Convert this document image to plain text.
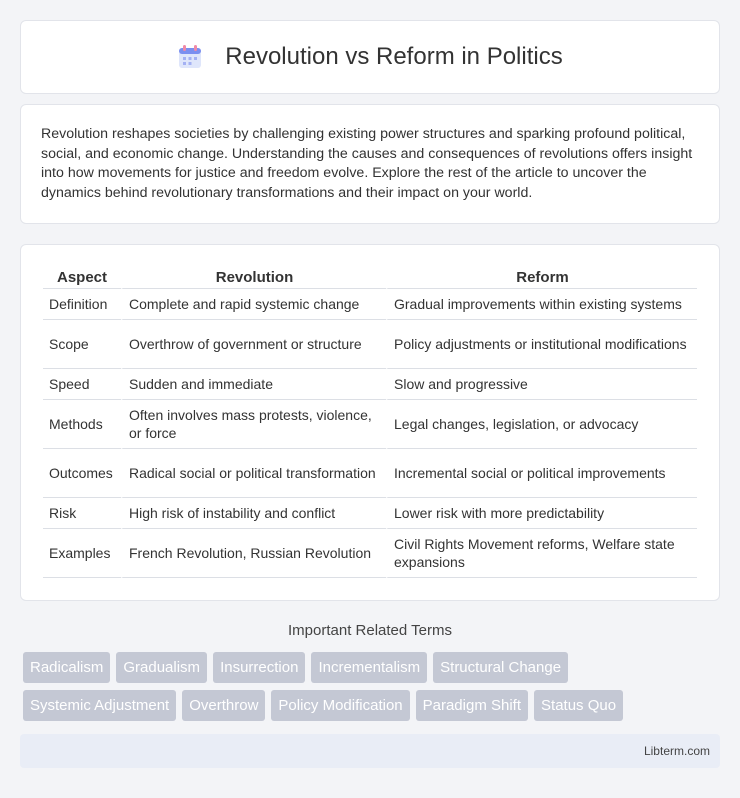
Revolution vs Reform in Politics

Revolution reshapes societies by challenging existing power structures and sparking profound political, social, and economic change. Understanding the causes and consequences of revolutions offers insight into how movements for justice and freedom evolve. Explore the rest of the article to uncover the dynamics behind revolutionary transformations and their impact on your world.

Aspect	Revolution	Reform
Definition	Complete and rapid systemic change	Gradual improvements within existing systems
Scope	Overthrow of government or structure	Policy adjustments or institutional modifications
Speed	Sudden and immediate	Slow and progressive
Methods	Often involves mass protests, violence, or force	Legal changes, legislation, or advocacy
Outcomes	Radical social or political transformation	Incremental social or political improvements
Risk	High risk of instability and conflict	Lower risk with more predictability
Examples	French Revolution, Russian Revolution	Civil Rights Movement reforms, Welfare state expansions
Important Related Terms
Radicalism	Gradualism	Insurrection	Incrementalism	Structural Change
Systemic Adjustment	Overthrow	Policy Modification	Paradigm Shift	Status Quo
Libterm.com
